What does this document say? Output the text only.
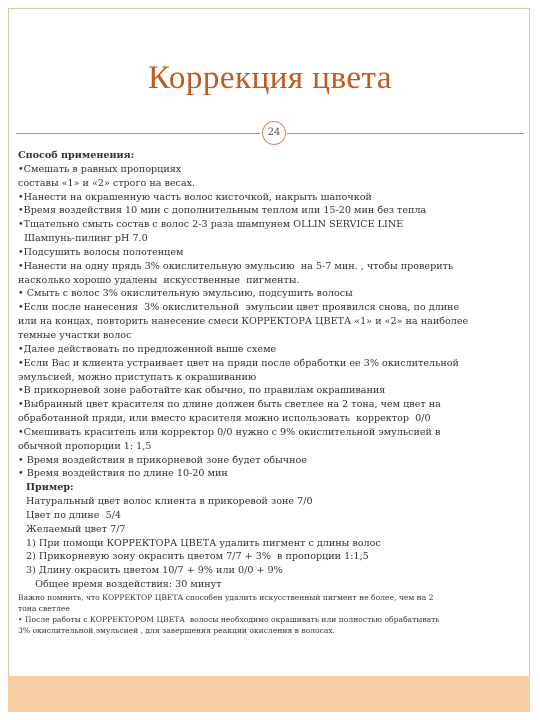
Коррекция цвета
24

Способ применения:

•Смешать в равных пропорциях

составы «1» и «2» строго на весах.

•Нанести на окрашенную часть волос кисточкой, накрыть шапочкой

•Время воздействия 10 мин с дополнительным теплом или 15-20 мин без тепла

•Тщательно смыть состав с волос 2-3 раза шампунем OLLIN SERVICE LINE

Шампунь-пилинг pH 7.0

•Подсушить волосы полотенцем

•Нанести на одну прядь 3% окислительную эмульсию  на 5-7 мин. , чтобы проверить

насколько хорошо удалены  искусственные  пигменты.

• Смыть с волос 3% окислительную эмульсию, подсушить волосы

•Если после нанесения  3% окислительной  эмульсии цвет проявился снова, по длине

или на концах, повторить нанесение смеси КОРРЕКТОРА ЦВЕТА «1» и «2» на наиболее

темные участки волос

•Далее действовать по предложенной выше схеме

•Если Вас и клиента устраивает цвет на пряди после обработки ее 3% окислительной

эмульсией, можно приступать к окрашиванию

•В прикорневой зоне работайте как обычно, по правилам окрашивания

•Выбранный цвет красителя по длине должен быть светлее на 2 тона, чем цвет на

обработанной пряди, или вместо красителя можно использовать  корректор  0/0

•Смешивать краситель или корректор 0/0 нужно с 9% окислительной эмульсией в

обычной пропорции 1: 1,5

• Время воздействия в прикорневой зоне будет обычное

• Время воздействия по длине 10-20 мин

Пример:

Натуральный цвет волос клиента в прикоревой зоне 7/0

Цвет по длине  5/4

Желаемый цвет 7/7

1) При помощи КОРРЕКТОРА ЦВЕТА удалить пигмент с длины волос

2) Прикорневую зону окрасить цветом 7/7 + 3%  в пропорции 1:1,5

3) Длину окрасить цветом 10/7 + 9% или 0/0 + 9%

Общее время воздействия: 30 минут

Важно помнить, что КОРРЕКТОР ЦВЕТА способен удалить искусственный пигмент не более, чем на 2

тона светлее

• После работы с КОРРЕКТОРОМ ЦВЕТА  волосы необходимо окрашивать или полностью обрабатывать

3% окислительной эмульсией , для завершения реакции окисления в волосах.
